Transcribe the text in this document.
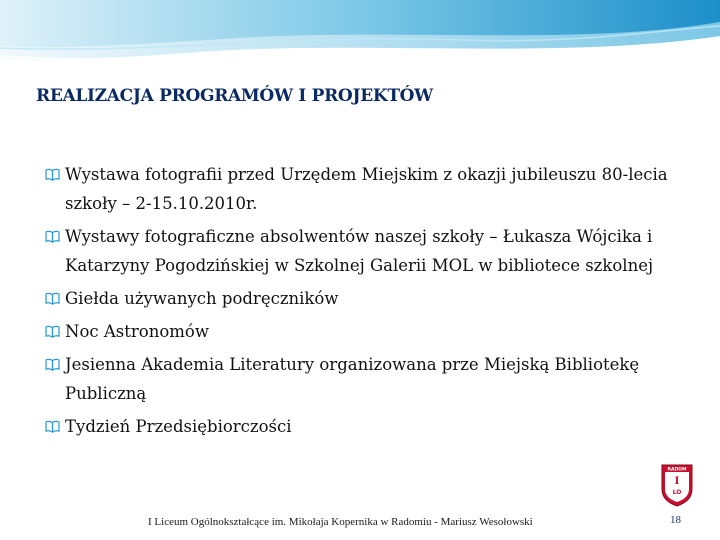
REALIZACJA PROGRAMÓW I PROJEKTÓW
Wystawa fotografii przed Urzędem Miejskim z okazji jubileuszu 80-lecia szkoły – 2-15.10.2010r.
Wystawy fotograficzne absolwentów naszej szkoły – Łukasza Wójcika i Katarzyny Pogodzińskiej w Szkolnej Galerii MOL w bibliotece szkolnej
Giełda używanych podręczników
Noc Astronomów
Jesienna Akademia Literatury organizowana prze Miejską Bibliotekę Publiczną
Tydzień Przedsiębiorczości
RADOM
I
LO
I Liceum Ogólnokształcące im. Mikołaja Kopernika w Radomiu - Mariusz Wesołowski	18
